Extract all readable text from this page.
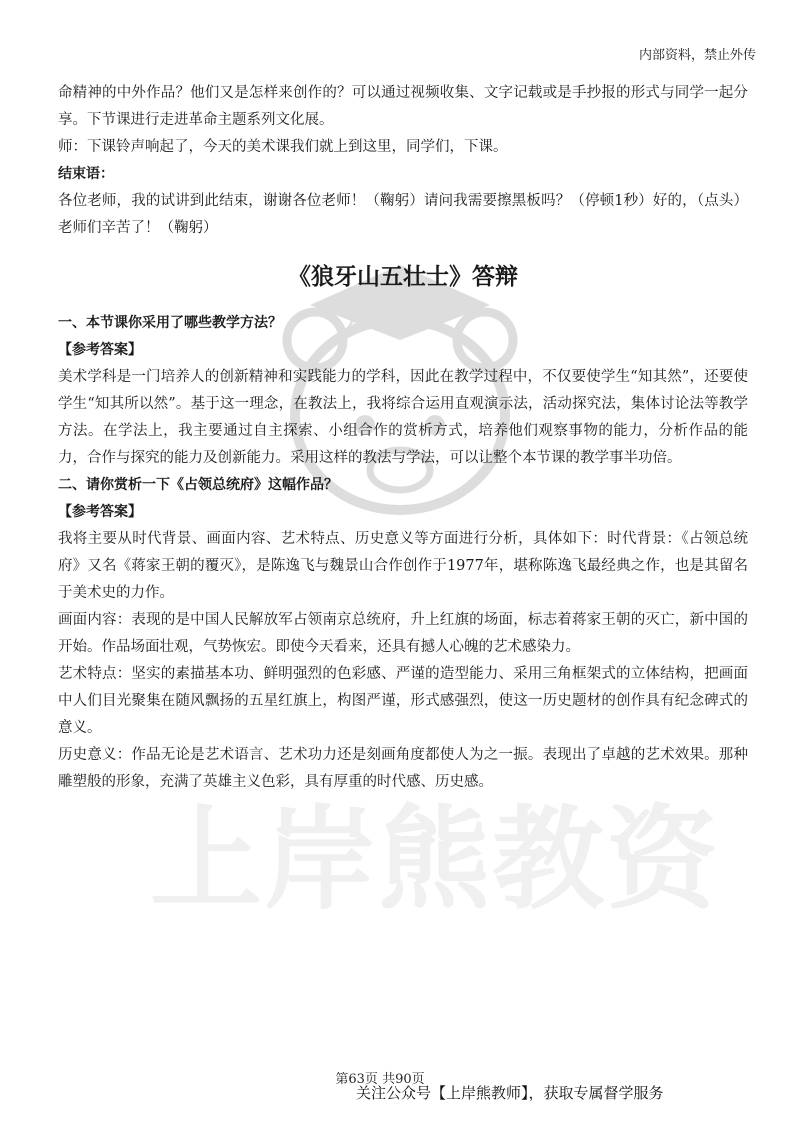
上岸熊教资
加油！
内部资料，禁止外传

命精神的中外作品？他们又是怎样来创作的？可以通过视频收集、文字记载或是手抄报的形式与同学一起分享。下节课进行走进革命主题系列文化展。

师：下课铃声响起了，今天的美术课我们就上到这里，同学们，下课。

结束语：

各位老师，我的试讲到此结束，谢谢各位老师！（鞠躬）请问我需要擦黑板吗？（停顿1秒）好的，（点头）老师们辛苦了！（鞠躬）

《狼牙山五壮士》答辩

一、本节课你采用了哪些教学方法？

【参考答案】

美术学科是一门培养人的创新精神和实践能力的学科，因此在教学过程中，不仅要使学生“知其然”，还要使学生“知其所以然”。基于这一理念，在教法上，我将综合运用直观演示法，活动探究法，集体讨论法等教学方法。在学法上，我主要通过自主探索、小组合作的赏析方式，培养他们观察事物的能力，分析作品的能力，合作与探究的能力及创新能力。采用这样的教法与学法，可以让整个本节课的教学事半功倍。

二、请你赏析一下《占领总统府》这幅作品？

【参考答案】

我将主要从时代背景、画面内容、艺术特点、历史意义等方面进行分析，具体如下：时代背景：《占领总统府》又名《蒋家王朝的覆灭》，是陈逸飞与魏景山合作创作于1977年，堪称陈逸飞最经典之作，也是其留名于美术史的力作。

画面内容：表现的是中国人民解放军占领南京总统府，升上红旗的场面，标志着蒋家王朝的灭亡，新中国的开始。作品场面壮观，气势恢宏。即使今天看来，还具有撼人心魄的艺术感染力。

艺术特点：坚实的素描基本功、鲜明强烈的色彩感、严谨的造型能力、采用三角框架式的立体结构，把画面中人们目光聚集在随风飘扬的五星红旗上，构图严谨，形式感强烈，使这一历史题材的创作具有纪念碑式的意义。

历史意义：作品无论是艺术语言、艺术功力还是刻画角度都使人为之一振。表现出了卓越的艺术效果。那种雕塑般的形象，充满了英雄主义色彩，具有厚重的时代感、历史感。

第63页 共90页
关注公众号【上岸熊教师】，获取专属督学服务
